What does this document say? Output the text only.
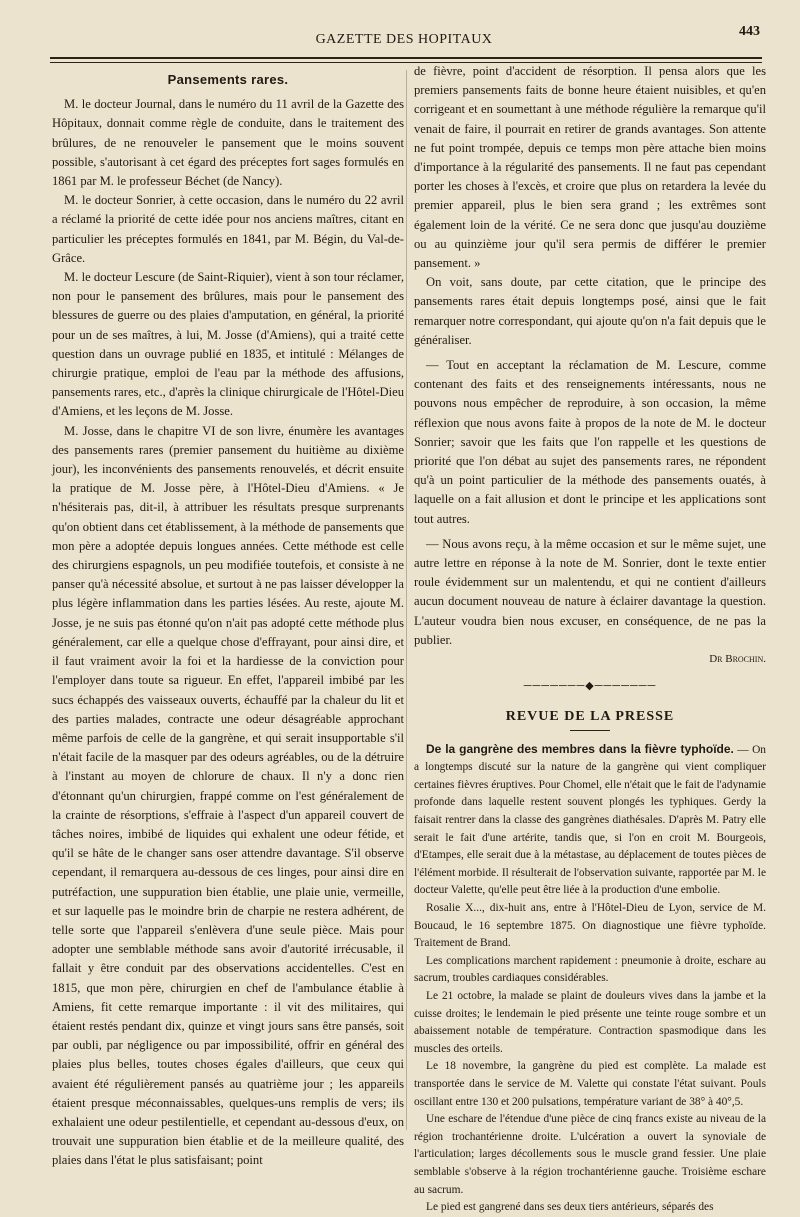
GAZETTE DES HOPITAUX
443
Pansements rares.

M. le docteur Journal, dans le numéro du 11 avril de la Gazette des Hôpitaux, donnait comme règle de conduite, dans le traitement des brûlures, de ne renouveler le pansement que le moins souvent possible, s'autorisant à cet égard des préceptes fort sages formulés en 1861 par M. le professeur Béchet (de Nancy).

M. le docteur Sonrier, à cette occasion, dans le numéro du 22 avril a réclamé la priorité de cette idée pour nos anciens maîtres, citant en particulier les préceptes formulés en 1841, par M. Bégin, du Val-de-Grâce.

M. le docteur Lescure (de Saint-Riquier), vient à son tour réclamer, non pour le pansement des brûlures, mais pour le pansement des blessures de guerre ou des plaies d'amputation, en général, la priorité pour un de ses maîtres, à lui, M. Josse (d'Amiens), qui a traité cette question dans un ouvrage publié en 1835, et intitulé : Mélanges de chirurgie pratique, emploi de l'eau par la méthode des affusions, pansements rares, etc., d'après la clinique chirurgicale de l'Hôtel-Dieu d'Amiens, et les leçons de M. Josse.

M. Josse, dans le chapitre VI de son livre, énumère les avantages des pansements rares (premier pansement du huitième au dixième jour), les inconvénients des pansements renouvelés, et décrit ensuite la pratique de M. Josse père, à l'Hôtel-Dieu d'Amiens. « Je n'hésiterais pas, dit-il, à attribuer les résultats presque surprenants qu'on obtient dans cet établissement, à la méthode de pansements que mon père a adoptée depuis longues années. Cette méthode est celle des chirurgiens espagnols, un peu modifiée toutefois, et consiste à ne panser qu'à nécessité absolue, et surtout à ne pas laisser développer la plus légère inflammation dans les parties lésées. Au reste, ajoute M. Josse, je ne suis pas étonné qu'on n'ait pas adopté cette méthode plus généralement, car elle a quelque chose d'effrayant, pour ainsi dire, et il faut vraiment avoir la foi et la hardiesse de la conviction pour l'employer dans toute sa rigueur. En effet, l'appareil imbibé par les sucs échappés des vaisseaux ouverts, échauffé par la chaleur du lit et des parties malades, contracte une odeur désagréable approchant même parfois de celle de la gangrène, et qui serait insupportable s'il n'était facile de la masquer par des odeurs agréables, ou de la détruire à l'instant au moyen de chlorure de chaux. Il n'y a donc rien d'étonnant qu'un chirurgien, frappé comme on l'est généralement de la crainte de résorptions, s'effraie à l'aspect d'un appareil couvert de tâches noires, imbibé de liquides qui exhalent une odeur fétide, et qu'il se hâte de le changer sans oser attendre davantage. S'il observe cependant, il remarquera au-dessous de ces linges, pour ainsi dire en putréfaction, une suppuration bien établie, une plaie unie, vermeille, et sur laquelle pas le moindre brin de charpie ne restera adhérent, de telle sorte que l'appareil s'enlèvera d'une seule pièce. Mais pour adopter une semblable méthode sans avoir d'autorité irrécusable, il fallait y être conduit par des observations accidentelles. C'est en 1815, que mon père, chirurgien en chef de l'ambulance établie à Amiens, fit cette remarque importante : il vit des militaires, qui étaient restés pendant dix, quinze et vingt jours sans être pansés, soit par oubli, par négligence ou par impossibilité, offrir en général des plaies plus belles, toutes choses égales d'ailleurs, que ceux qui avaient été régulièrement pansés au quatrième jour ; les appareils étaient presque méconnaissables, quelques-uns remplis de vers; ils exhalaient une odeur pestilentielle, et cependant au-dessous d'eux, on trouvait une suppuration bien établie et de la meilleure qualité, des plaies dans l'état le plus satisfaisant; point

de fièvre, point d'accident de résorption. Il pensa alors que les premiers pansements faits de bonne heure étaient nuisibles, et qu'en corrigeant et en soumettant à une méthode régulière la remarque qu'il venait de faire, il pourrait en retirer de grands avantages. Son attente ne fut point trompée, depuis ce temps mon père attache bien moins d'importance à la régularité des pansements. Il ne faut pas cependant porter les choses à l'excès, et croire que plus on retardera la levée du premier appareil, plus le bien sera grand ; les extrêmes sont également loin de la vérité. Ce ne sera donc que jusqu'au douzième ou au quinzième jour qu'il sera permis de différer le premier pansement. »

On voit, sans doute, par cette citation, que le principe des pansements rares était depuis longtemps posé, ainsi que le fait remarquer notre correspondant, qui ajoute qu'on n'a fait depuis que le généraliser.

— Tout en acceptant la réclamation de M. Lescure, comme contenant des faits et des renseignements intéressants, nous ne pouvons nous empêcher de reproduire, à son occasion, la même réflexion que nous avons faite à propos de la note de M. le docteur Sonrier; savoir que les faits que l'on rappelle et les questions de priorité que l'on débat au sujet des pansements rares, ne répondent qu'à un point particulier de la méthode des pansements ouatés, à laquelle on a fait allusion et dont le principe et les applications sont tout autres.

— Nous avons reçu, à la même occasion et sur le même sujet, une autre lettre en réponse à la note de M. Sonrier, dont le texte entier roule évidemment sur un malentendu, et qui ne contient d'ailleurs aucun document nouveau de nature à éclairer davantage la question. L'auteur voudra bien nous excuser, en conséquence, de ne pas la publier.

Dr Brochin.
───────◆───────
REVUE DE LA PRESSE

De la gangrène des membres dans la fièvre typhoïde. — On a longtemps discuté sur la nature de la gangrène qui vient compliquer certaines fièvres éruptives. Pour Chomel, elle n'était que le fait de l'adynamie profonde dans laquelle restent souvent plongés les typhiques. Gerdy la faisait rentrer dans la classe des gangrènes diathésales. D'après M. Patry elle serait le fait d'une artérite, tandis que, si l'on en croit M. Bourgeois, d'Etampes, elle serait due à la métastase, au déplacement de toutes pièces de l'élément morbide. Il résulterait de l'observation suivante, rapportée par M. le docteur Valette, qu'elle peut être liée à la production d'une embolie.

Rosalie X..., dix-huit ans, entre à l'Hôtel-Dieu de Lyon, service de M. Boucaud, le 16 septembre 1875. On diagnostique une fièvre typhoïde. Traitement de Brand.

Les complications marchent rapidement : pneumonie à droite, eschare au sacrum, troubles cardiaques considérables.

Le 21 octobre, la malade se plaint de douleurs vives dans la jambe et la cuisse droites; le lendemain le pied présente une teinte rouge sombre et un abaissement notable de température. Contraction spasmodique dans les muscles des orteils.

Le 18 novembre, la gangrène du pied est complète. La malade est transportée dans le service de M. Valette qui constate l'état suivant. Pouls oscillant entre 130 et 200 pulsations, température variant de 38° à 40°,5.

Une eschare de l'étendue d'une pièce de cinq francs existe au niveau de la région trochantérienne droite. L'ulcération a ouvert la synoviale de l'articulation; larges décollements sous le muscle grand fessier. Une plaie semblable s'observe à la région trochantérienne gauche. Troisième eschare au sacrum.

Le pied est gangrené dans ses deux tiers antérieurs, séparés des
